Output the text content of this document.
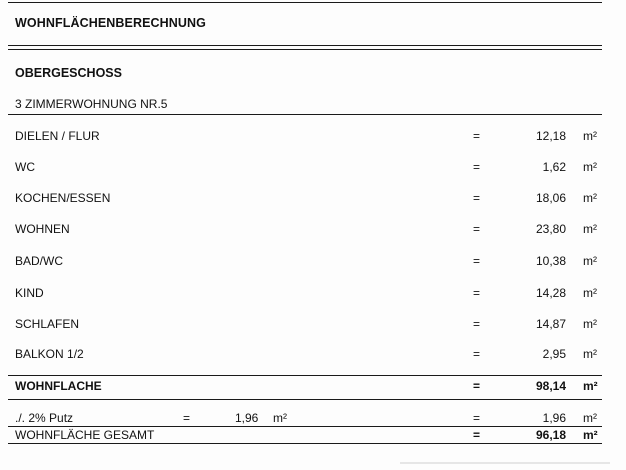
WOHNFLÄCHENBERECHNUNG
OBERGESCHOSS
3 ZIMMERWOHNUNG NR.5
DIELEN / FLUR	=	12,18 m²
WC	=	1,62 m²
KOCHEN/ESSEN	=	18,06 m²
WOHNEN	=	23,80 m²
BAD/WC	=	10,38 m²
KIND	=	14,28 m²
SCHLAFEN	=	14,87 m²
BALKON 1/2	=	2,95 m²
WOHNFLACHE	=	98,14 m²
./. 2% Putz	=	1,96 m²	=	1,96 m²
WOHNFLÄCHE GESAMT	=	96,18 m²
